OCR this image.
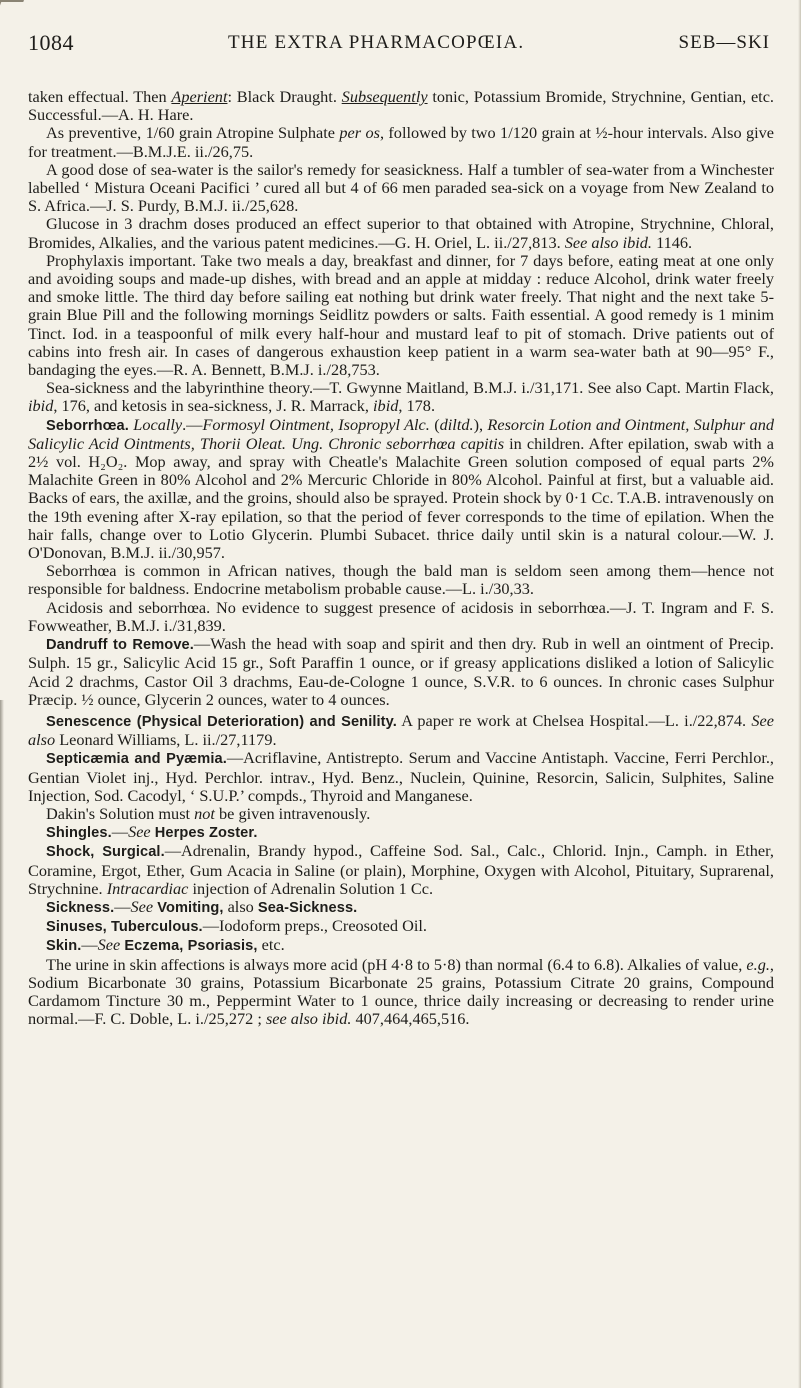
1084	THE EXTRA PHARMACOPŒIA.	SEB—SKI

taken effectual. Then Aperient: Black Draught. Subsequently tonic, Potassium Bromide, Strychnine, Gentian, etc. Successful.—A. H. Hare.

As preventive, 1/60 grain Atropine Sulphate per os, followed by two 1/120 grain at ½-hour intervals. Also give for treatment.—B.M.J.E. ii./26,75.

A good dose of sea-water is the sailor's remedy for seasickness. Half a tumbler of sea-water from a Winchester labelled ‘ Mistura Oceani Pacifici ’ cured all but 4 of 66 men paraded sea-sick on a voyage from New Zealand to S. Africa.—J. S. Purdy, B.M.J. ii./25,628.

Glucose in 3 drachm doses produced an effect superior to that obtained with Atropine, Strychnine, Chloral, Bromides, Alkalies, and the various patent medicines.—G. H. Oriel, L. ii./27,813. See also ibid. 1146.

Prophylaxis important. Take two meals a day, breakfast and dinner, for 7 days before, eating meat at one only and avoiding soups and made-up dishes, with bread and an apple at midday : reduce Alcohol, drink water freely and smoke little. The third day before sailing eat nothing but drink water freely. That night and the next take 5-grain Blue Pill and the following mornings Seidlitz powders or salts. Faith essential. A good remedy is 1 minim Tinct. Iod. in a teaspoonful of milk every half-hour and mustard leaf to pit of stomach. Drive patients out of cabins into fresh air. In cases of dangerous exhaustion keep patient in a warm sea-water bath at 90—95° F., bandaging the eyes.—R. A. Bennett, B.M.J. i./28,753.

Sea-sickness and the labyrinthine theory.—T. Gwynne Maitland, B.M.J. i./31,171. See also Capt. Martin Flack, ibid, 176, and ketosis in sea-sickness, J. R. Marrack, ibid, 178.

Seborrhœa. Locally.—Formosyl Ointment, Isopropyl Alc. (diltd.), Resorcin Lotion and Ointment, Sulphur and Salicylic Acid Ointments, Thorii Oleat. Ung. Chronic seborrhœa capitis in children. After epilation, swab with a 2½ vol. H₂O₂. Mop away, and spray with Cheatle's Malachite Green solution composed of equal parts 2% Malachite Green in 80% Alcohol and 2% Mercuric Chloride in 80% Alcohol. Painful at first, but a valuable aid. Backs of ears, the axillæ, and the groins, should also be sprayed. Protein shock by 0·1 Cc. T.A.B. intravenously on the 19th evening after X-ray epilation, so that the period of fever corresponds to the time of epilation. When the hair falls, change over to Lotio Glycerin. Plumbi Subacet. thrice daily until skin is a natural colour.—W. J. O'Donovan, B.M.J. ii./30,957.

Seborrhœa is common in African natives, though the bald man is seldom seen among them—hence not responsible for baldness. Endocrine metabolism probable cause.—L. i./30,33.

Acidosis and seborrhœa. No evidence to suggest presence of acidosis in seborrhœa.—J. T. Ingram and F. S. Fowweather, B.M.J. i./31,839.

Dandruff to Remove.—Wash the head with soap and spirit and then dry. Rub in well an ointment of Precip. Sulph. 15 gr., Salicylic Acid 15 gr., Soft Paraffin 1 ounce, or if greasy applications disliked a lotion of Salicylic Acid 2 drachms, Castor Oil 3 drachms, Eau-de-Cologne 1 ounce, S.V.R. to 6 ounces. In chronic cases Sulphur Præcip. ½ ounce, Glycerin 2 ounces, water to 4 ounces.

Senescence (Physical Deterioration) and Senility. A paper re work at Chelsea Hospital.—L. i./22,874. See also Leonard Williams, L. ii./27,1179.

Septicæmia and Pyæmia.—Acriflavine, Antistrepto. Serum and Vaccine Antistaph. Vaccine, Ferri Perchlor., Gentian Violet inj., Hyd. Perchlor. intrav., Hyd. Benz., Nuclein, Quinine, Resorcin, Salicin, Sulphites, Saline Injection, Sod. Cacodyl, ‘ S.U.P.’ compds., Thyroid and Manganese.

Dakin's Solution must not be given intravenously.

Shingles.—See Herpes Zoster.

Shock, Surgical.—Adrenalin, Brandy hypod., Caffeine Sod. Sal., Calc., Chlorid. Injn., Camph. in Ether, Coramine, Ergot, Ether, Gum Acacia in Saline (or plain), Morphine, Oxygen with Alcohol, Pituitary, Suprarenal, Strychnine. Intracardiac injection of Adrenalin Solution 1 Cc.

Sickness.—See Vomiting, also Sea-Sickness.

Sinuses, Tuberculous.—Iodoform preps., Creosoted Oil.

Skin.—See Eczema, Psoriasis, etc.

The urine in skin affections is always more acid (pH 4·8 to 5·8) than normal (6.4 to 6.8). Alkalies of value, e.g., Sodium Bicarbonate 30 grains, Potassium Bicarbonate 25 grains, Potassium Citrate 20 grains, Compound Cardamom Tincture 30 m., Peppermint Water to 1 ounce, thrice daily increasing or decreasing to render urine normal.—F. C. Doble, L. i./25,272 ; see also ibid. 407,464,465,516.
